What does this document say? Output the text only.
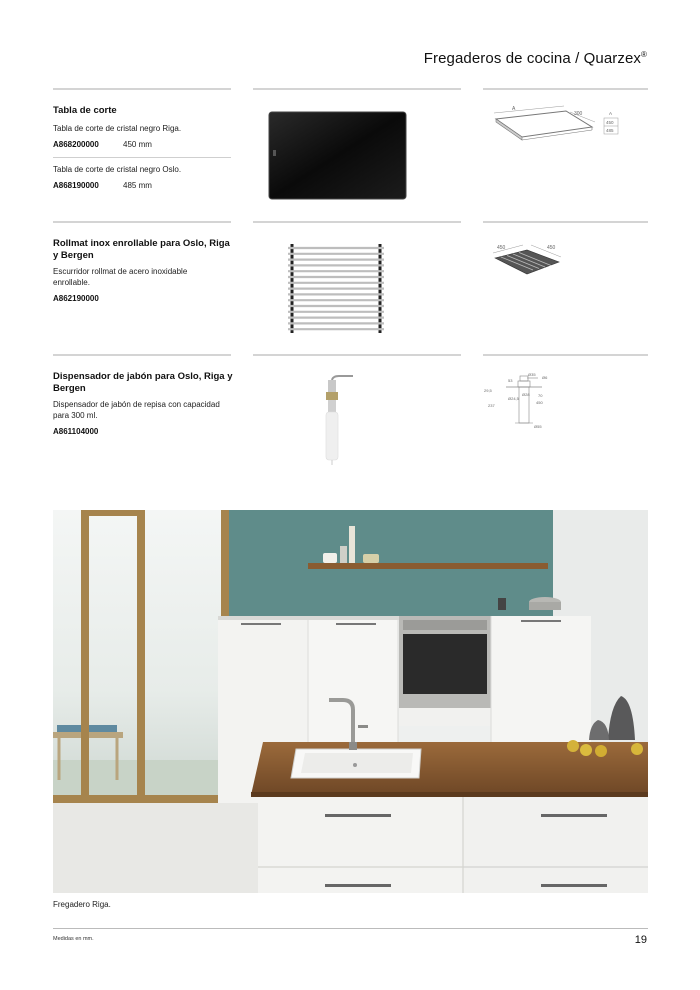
Fregaderos de cocina / Quarzex®
Tabla de corte
Tabla de corte de cristal negro Riga.
A868200000	450 mm
Tabla de corte de cristal negro Oslo.
A868190000	485 mm
A
300	A
450
485
Rollmat inox enrollable para Oslo, Riga y Bergen
Escurridor rollmat de acero inoxidable enrollable.
A862190000
450	450
Dispensador de jabón para Oslo, Riga y Bergen
Dispensador de jabón de repisa con capacidad para 300 ml.
A861104000
Ø35
53
Ø6
29,5
Ø24,5
70
237
Ø28
450
Ø55
Fregadero Riga.
Medidas en mm.	19
